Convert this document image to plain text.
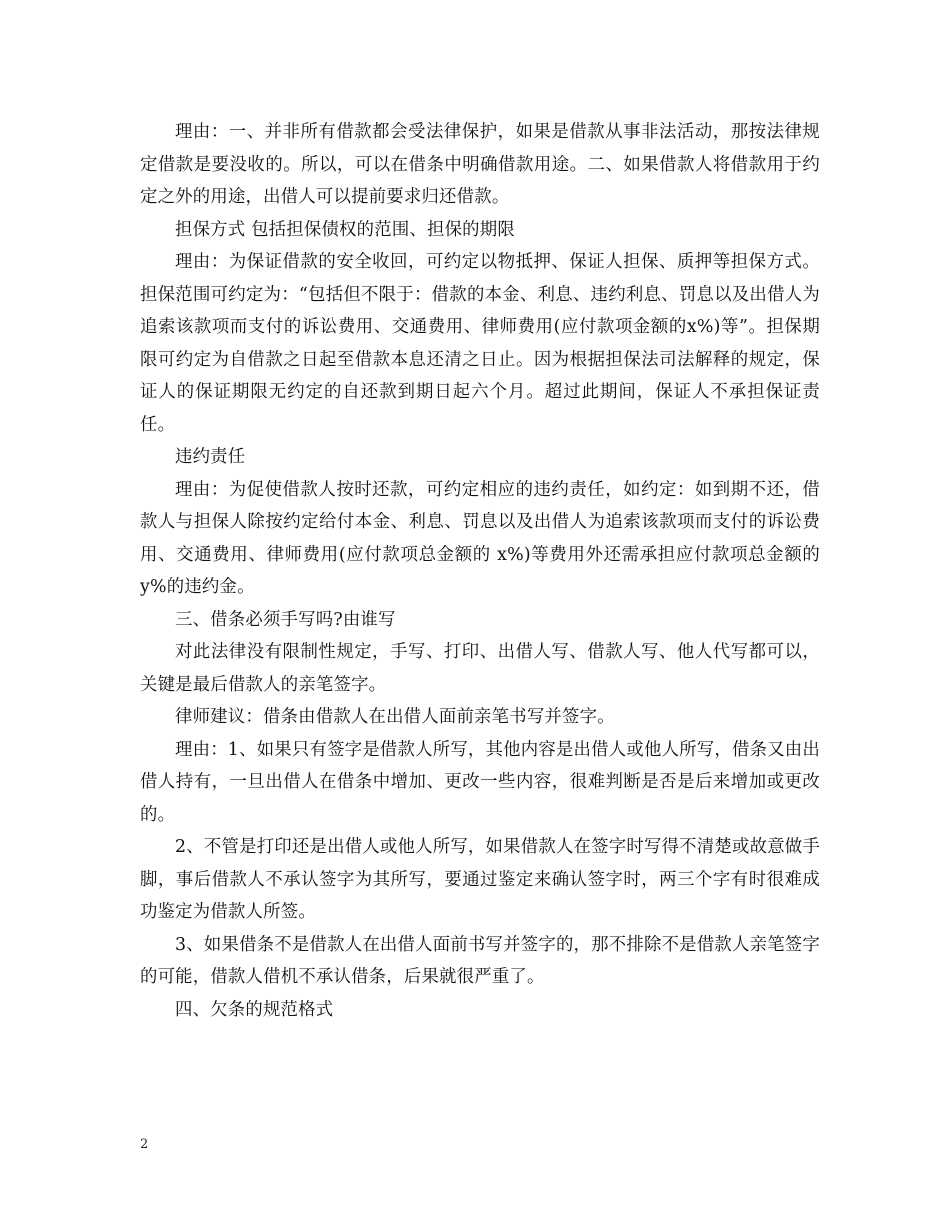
理由：一、并非所有借款都会受法律保护，如果是借款从事非法活动，那按法律规定借款是要没收的。所以，可以在借条中明确借款用途。二、如果借款人将借款用于约定之外的用途，出借人可以提前要求归还借款。

担保方式 包括担保债权的范围、担保的期限

理由：为保证借款的安全收回，可约定以物抵押、保证人担保、质押等担保方式。担保范围可约定为：“包括但不限于：借款的本金、利息、违约利息、罚息以及出借人为追索该款项而支付的诉讼费用、交通费用、律师费用(应付款项金额的x%)等”。担保期限可约定为自借款之日起至借款本息还清之日止。因为根据担保法司法解释的规定，保证人的保证期限无约定的自还款到期日起六个月。超过此期间，保证人不承担保证责任。

违约责任

理由：为促使借款人按时还款，可约定相应的违约责任，如约定：如到期不还，借款人与担保人除按约定给付本金、利息、罚息以及出借人为追索该款项而支付的诉讼费用、交通费用、律师费用(应付款项总金额的 x%)等费用外还需承担应付款项总金额的 y%的违约金。

三、借条必须手写吗?由谁写

对此法律没有限制性规定，手写、打印、出借人写、借款人写、他人代写都可以，关键是最后借款人的亲笔签字。

律师建议：借条由借款人在出借人面前亲笔书写并签字。

理由：1、如果只有签字是借款人所写，其他内容是出借人或他人所写，借条又由出借人持有，一旦出借人在借条中增加、更改一些内容，很难判断是否是后来增加或更改的。

2、不管是打印还是出借人或他人所写，如果借款人在签字时写得不清楚或故意做手脚，事后借款人不承认签字为其所写，要通过鉴定来确认签字时，两三个字有时很难成功鉴定为借款人所签。

3、如果借条不是借款人在出借人面前书写并签字的，那不排除不是借款人亲笔签字的可能，借款人借机不承认借条，后果就很严重了。

四、欠条的规范格式

2
